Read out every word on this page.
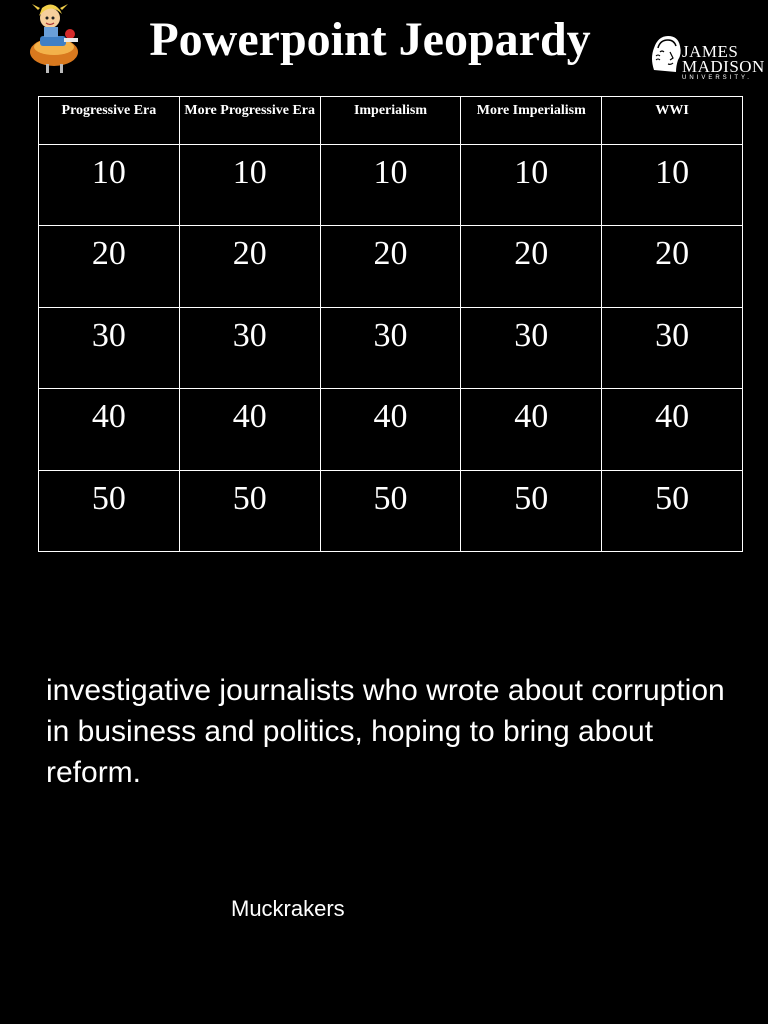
Powerpoint Jeopardy	JAMES
MADISON
UNIVERSITY.
Progressive Era	More Progressive Era	Imperialism	More Imperialism	WWI
10	10	10	10	10
20	20	20	20	20
30	30	30	30	30
40	40	40	40	40
50	50	50	50	50

investigative journalists who wrote about corruption in business and politics, hoping to bring about reform.

Muckrakers
